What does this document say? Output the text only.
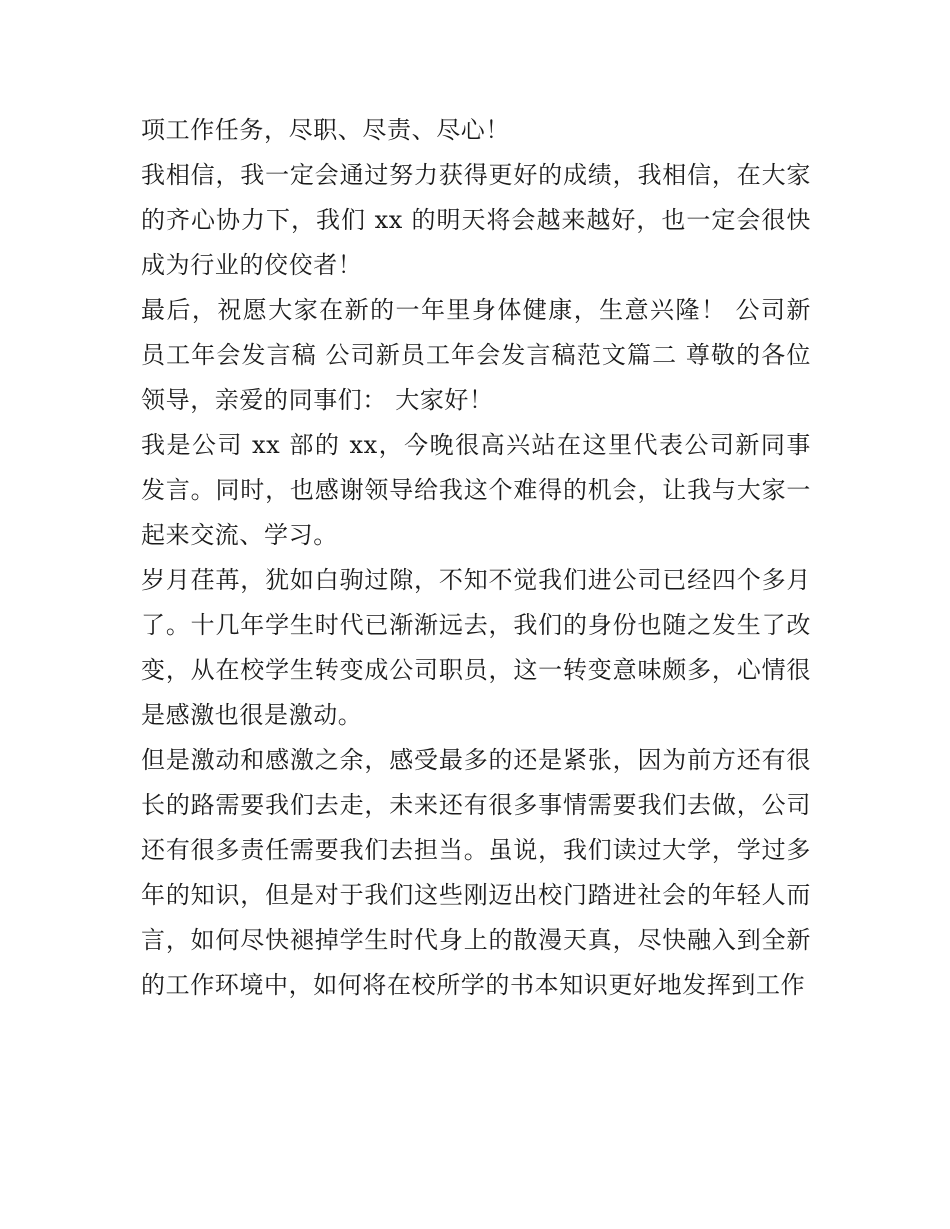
项工作任务，尽职、尽责、尽心！

我相信，我一定会通过努力获得更好的成绩，我相信，在大家的齐心协力下，我们 xx 的明天将会越来越好，也一定会很快成为行业的佼佼者！

最后，祝愿大家在新的一年里身体健康，生意兴隆！ 公司新员工年会发言稿 公司新员工年会发言稿范文篇二 尊敬的各位领导，亲爱的同事们： 大家好！

我是公司 xx 部的 xx，今晚很高兴站在这里代表公司新同事发言。同时，也感谢领导给我这个难得的机会，让我与大家一起来交流、学习。

岁月荏苒，犹如白驹过隙，不知不觉我们进公司已经四个多月了。十几年学生时代已渐渐远去，我们的身份也随之发生了改变，从在校学生转变成公司职员，这一转变意味颇多，心情很是感激也很是激动。

但是激动和感激之余，感受最多的还是紧张，因为前方还有很长的路需要我们去走，未来还有很多事情需要我们去做，公司还有很多责任需要我们去担当。虽说，我们读过大学，学过多年的知识，但是对于我们这些刚迈出校门踏进社会的年轻人而言，如何尽快褪掉学生时代身上的散漫天真，尽快融入到全新的工作环境中，如何将在校所学的书本知识更好地发挥到工作
